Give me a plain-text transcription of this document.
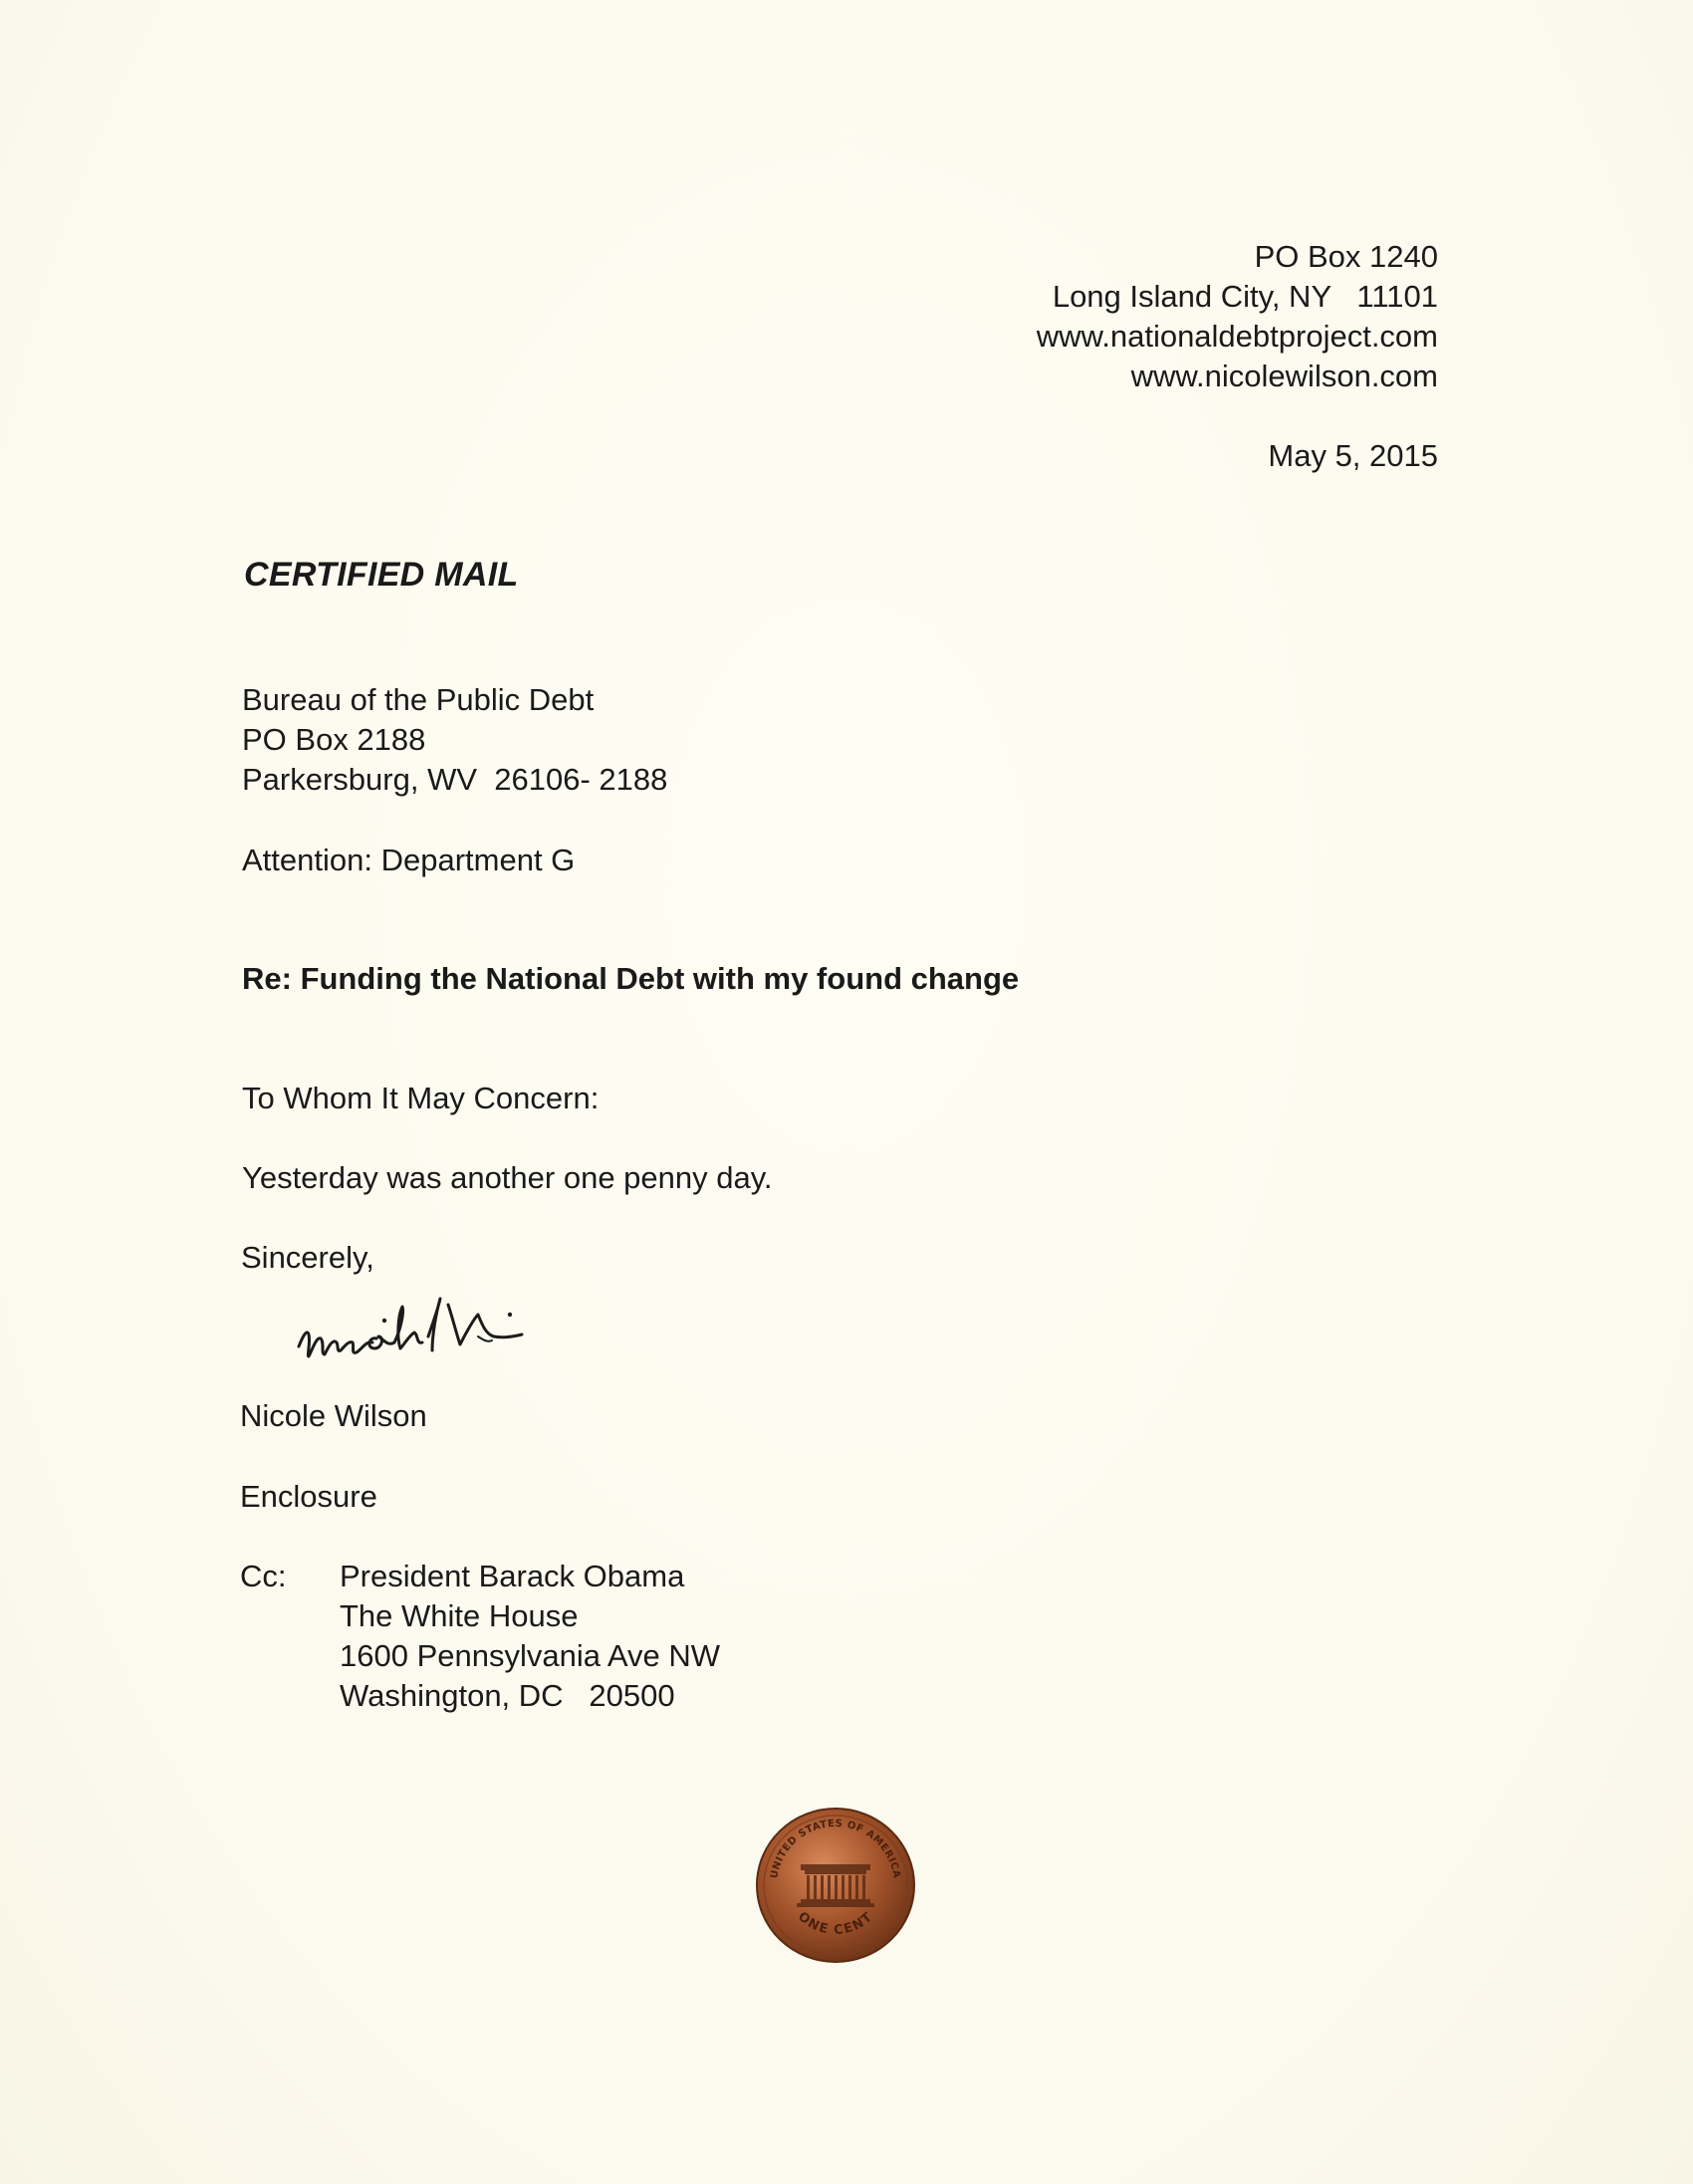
PO Box 1240
Long Island City, NY   11101
www.nationaldebtproject.com
www.nicolewilson.com
May 5, 2015
CERTIFIED MAIL
Bureau of the Public Debt
PO Box 2188
Parkersburg, WV  26106- 2188
Attention: Department G
Re: Funding the National Debt with my found change
To Whom It May Concern:
Yesterday was another one penny day.
Sincerely,
Nicole Wilson
Enclosure
Cc: President Barack Obama
The White House
1600 Pennsylvania Ave NW
Washington, DC   20500
UNITED STATES OF AMERICA
ONE CENT
